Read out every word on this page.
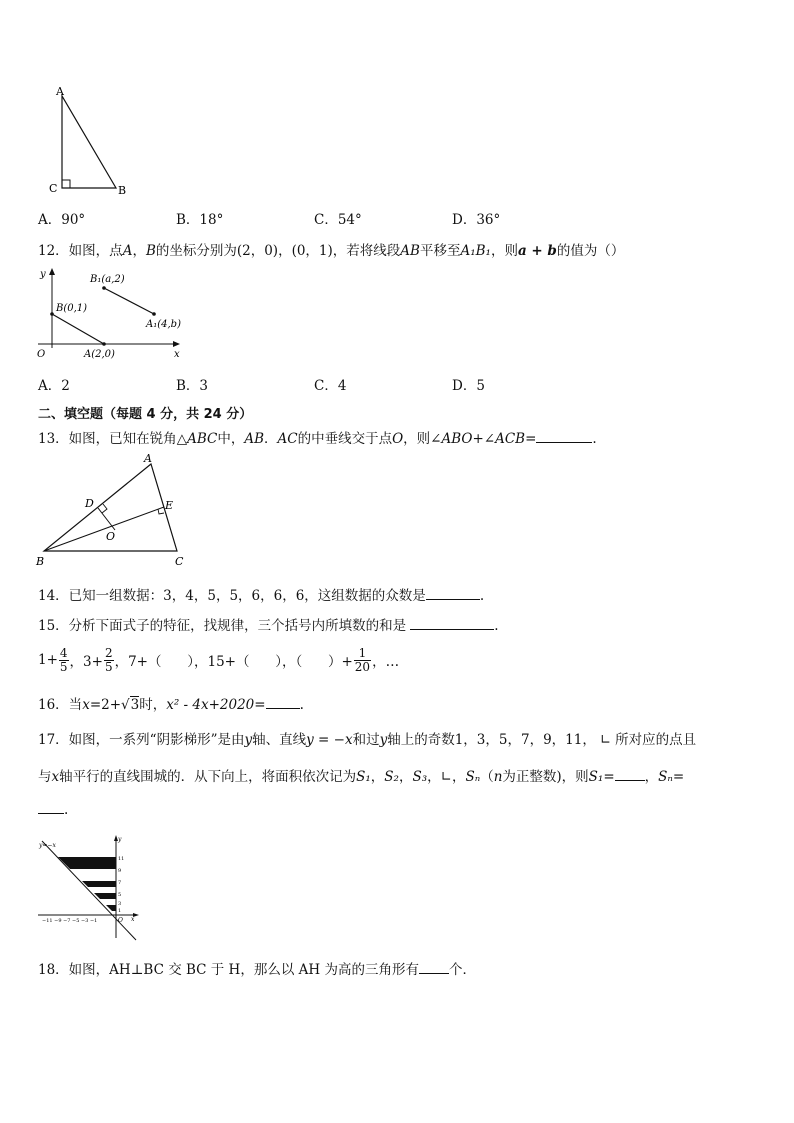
A
C	B
A．90°	B．18°	C．54°	D．36°
12．如图，点A，B的坐标分别为(2，0)，(0，1)，若将线段AB平移至A₁B₁，则a + b的值为（）
y
O	x
B(0,1)
A(2,0)
B₁(a,2)
A₁(4,b)
A．2	B．3	C．4	D．5
二、填空题（每题 4 分，共 24 分）
13．如图，已知在锐角△ABC中，AB．AC的中垂线交于点O，则∠ABO+∠ACB=	.
A
B	C
D	E
O
14．已知一组数据：3，4，5，5，6，6，6，这组数据的众数是	.
15．分析下面式子的特征，找规律，三个括号内所填数的和是	.
$1+ \frac{4}{5}$ ，$3+ \frac{2}{5}$ ，7+（      ），15+（      ），（      ）+ $\frac{1}{20}$ ，…
16．当x=2+√3时，x² - 4x+2020=	.
17．如图，一系列“阴影梯形”是由y轴、直线y = −x和过y轴上的奇数1，3，5，7，9，11， ∟ 所对应的点且
与x轴平行的直线围城的．从下向上，将面积依次记为S₁，S₂，S₃，∟，Sₙ（n为正整数)，则S₁= ，Sₙ=
.
y=−x
y
x
O
11
9
7
5
3
1
−11 −9 −7 −5 −3 −1
18．如图，AH⊥BC 交 BC 于 H，那么以 AH 为高的三角形有 个．
